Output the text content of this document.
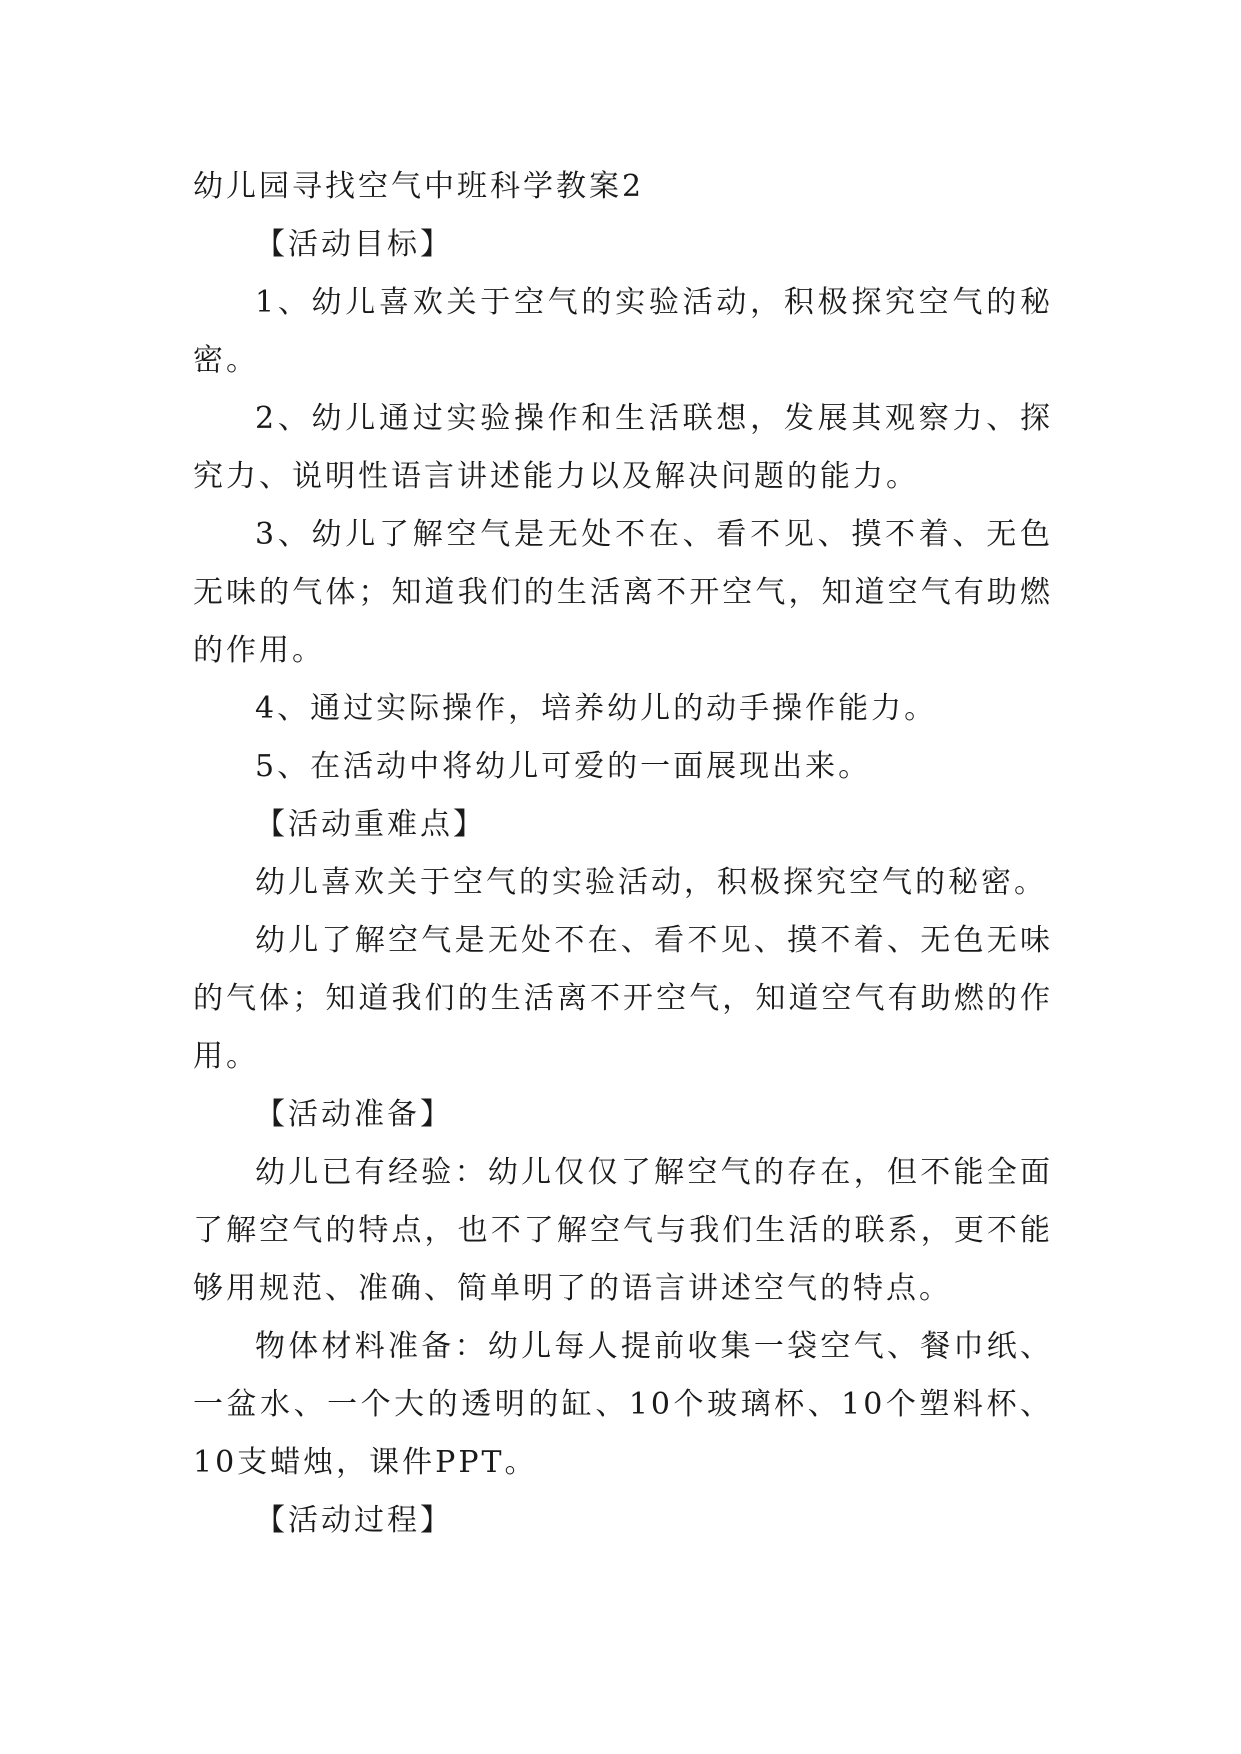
幼儿园寻找空气中班科学教案2

【活动目标】

1、幼儿喜欢关于空气的实验活动，积极探究空气的秘密。

2、幼儿通过实验操作和生活联想，发展其观察力、探究力、说明性语言讲述能力以及解决问题的能力。

3、幼儿了解空气是无处不在、看不见、摸不着、无色无味的气体；知道我们的生活离不开空气，知道空气有助燃的作用。

4、通过实际操作，培养幼儿的动手操作能力。

5、在活动中将幼儿可爱的一面展现出来。

【活动重难点】

幼儿喜欢关于空气的实验活动，积极探究空气的秘密。

幼儿了解空气是无处不在、看不见、摸不着、无色无味的气体；知道我们的生活离不开空气，知道空气有助燃的作用。

【活动准备】

幼儿已有经验：幼儿仅仅了解空气的存在，但不能全面了解空气的特点，也不了解空气与我们生活的联系，更不能够用规范、准确、简单明了的语言讲述空气的特点。

物体材料准备：幼儿每人提前收集一袋空气、餐巾纸、一盆水、一个大的透明的缸、10个玻璃杯、10个塑料杯、10支蜡烛，课件PPT。

【活动过程】
